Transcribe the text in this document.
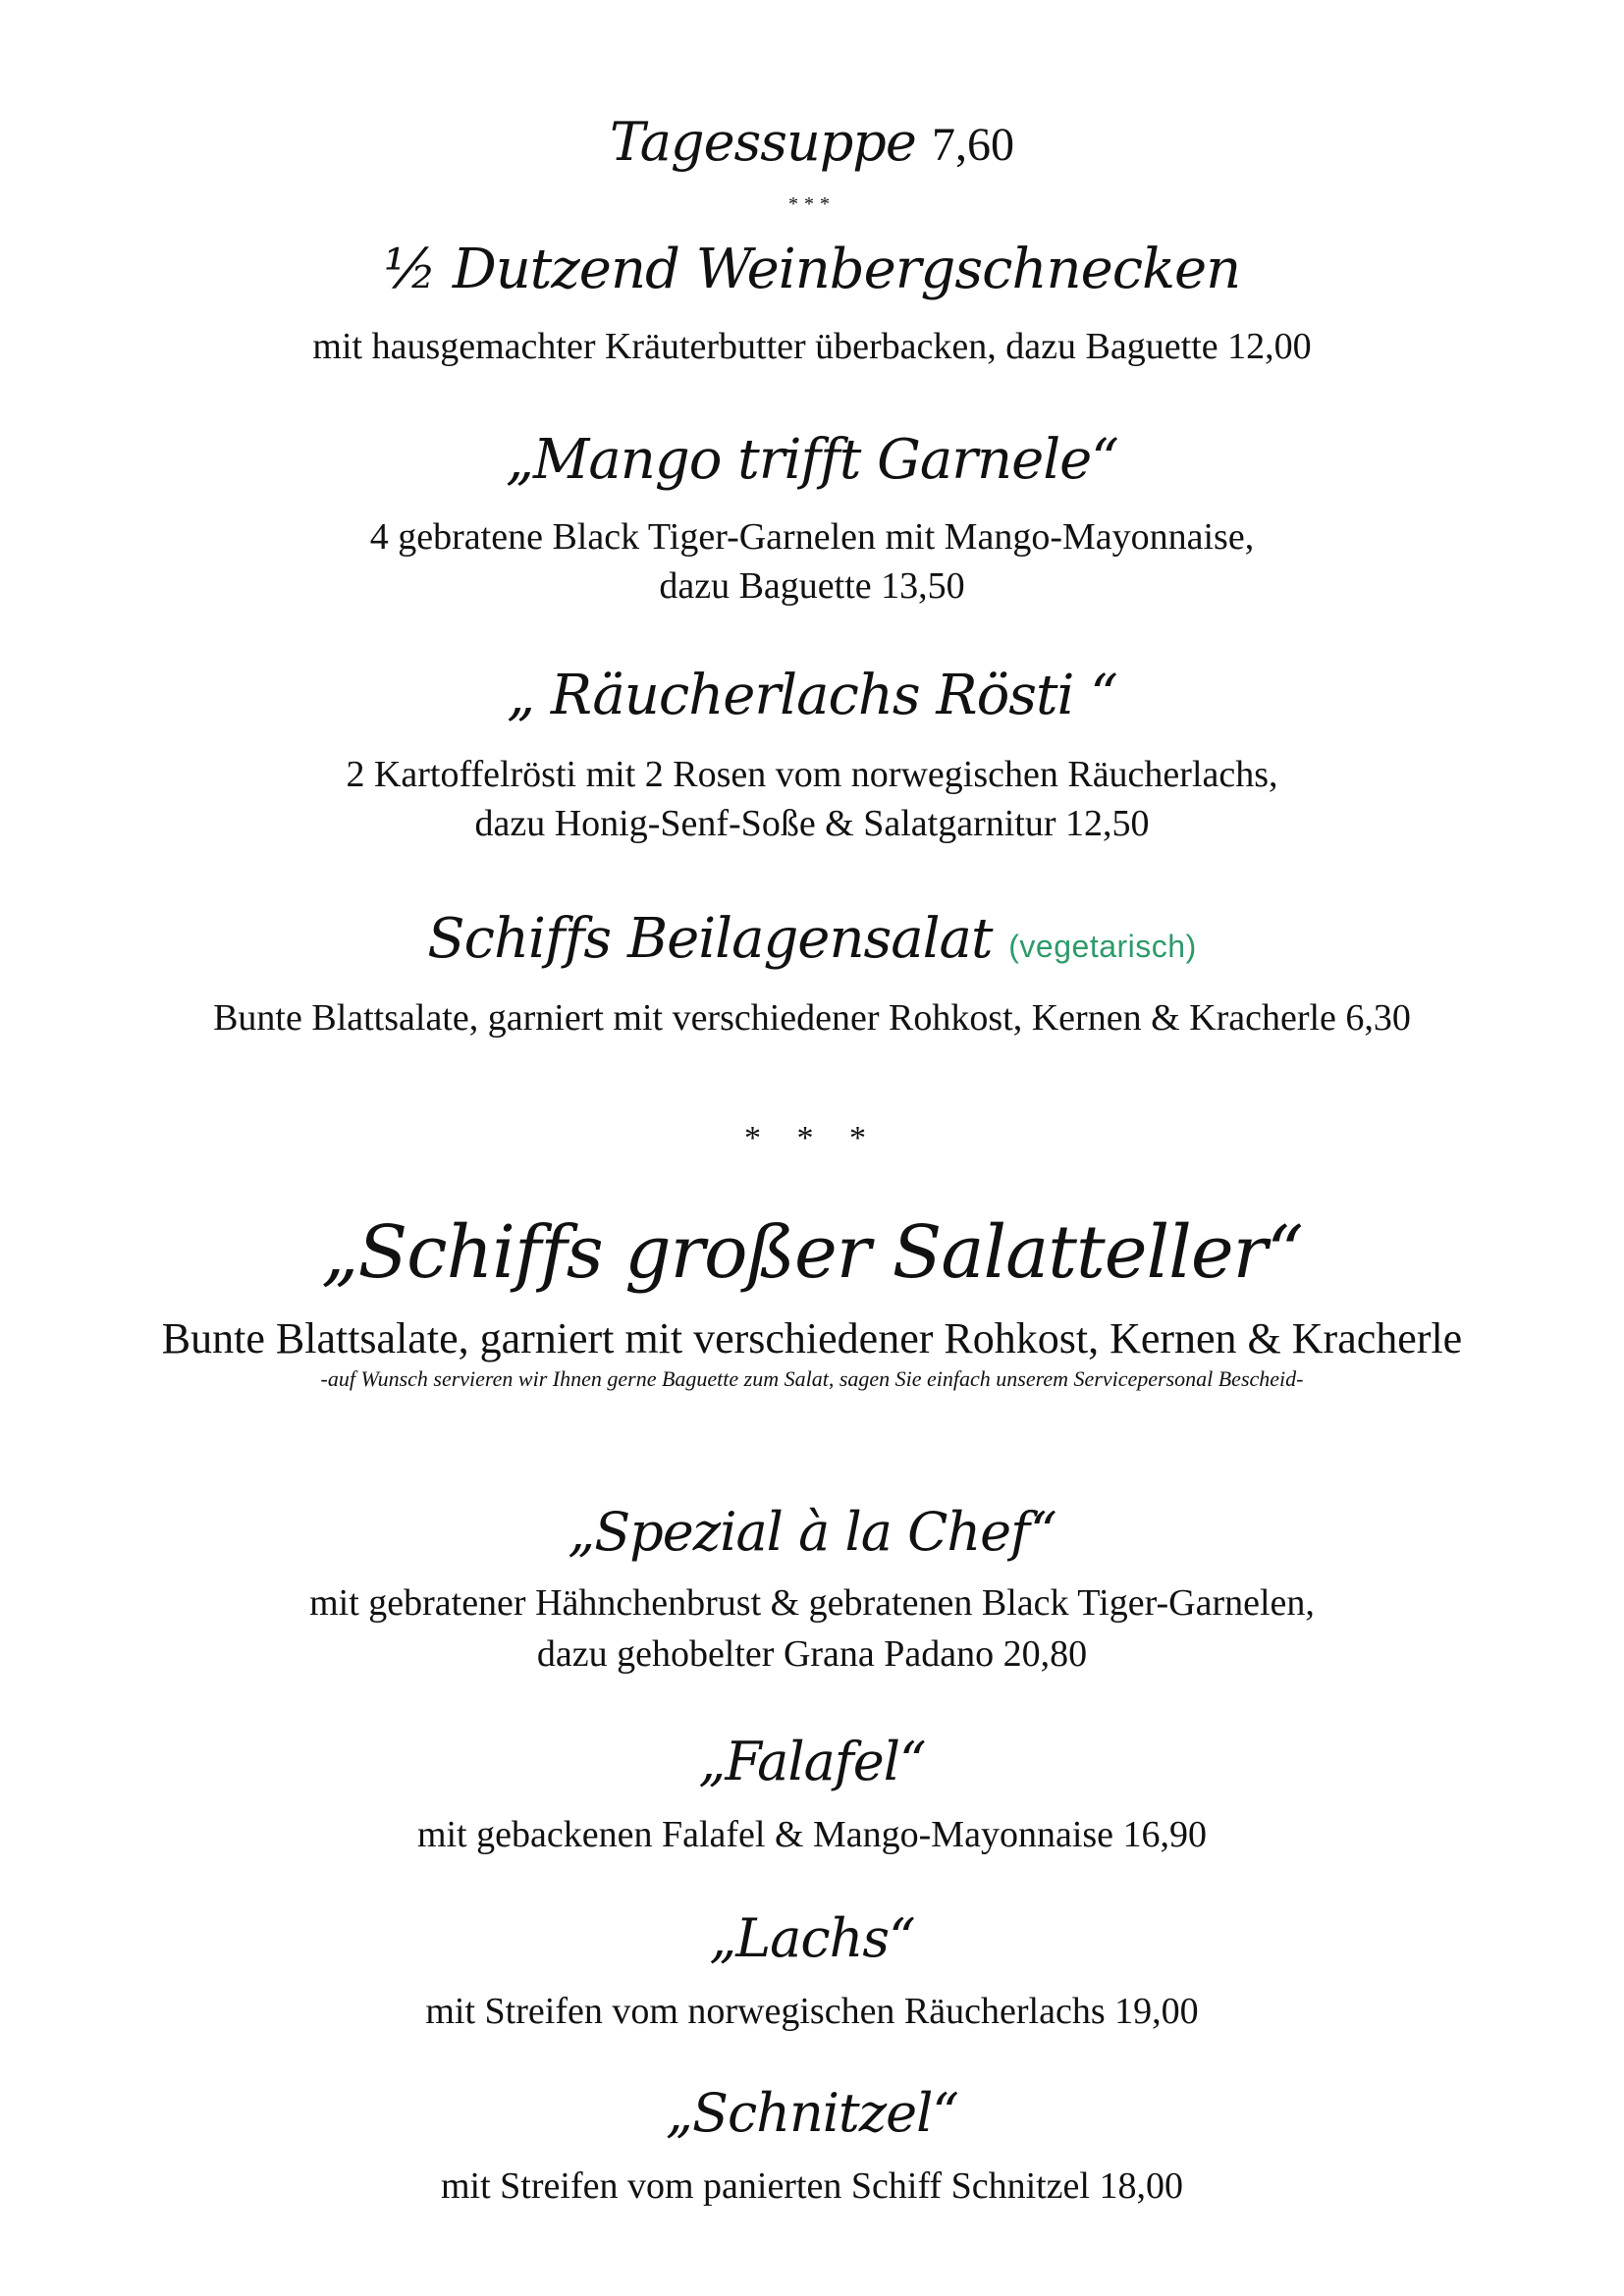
Tagessuppe 7,60
***
½ Dutzend Weinbergschnecken
mit hausgemachter Kräuterbutter überbacken, dazu Baguette 12,00
„Mango trifft Garnele“
4 gebratene Black Tiger-Garnelen mit Mango-Mayonnaise,
dazu Baguette 13,50
„ Räucherlachs Rösti “
2 Kartoffelrösti mit 2 Rosen vom norwegischen Räucherlachs,
dazu Honig-Senf-Soße & Salatgarnitur 12,50
Schiffs Beilagensalat (vegetarisch)
Bunte Blattsalate, garniert mit verschiedener Rohkost, Kernen & Kracherle 6,30
* * *
„Schiffs großer Salatteller“
Bunte Blattsalate, garniert mit verschiedener Rohkost, Kernen & Kracherle
-auf Wunsch servieren wir Ihnen gerne Baguette zum Salat, sagen Sie einfach unserem Servicepersonal Bescheid-
„Spezial à la Chef“
mit gebratener Hähnchenbrust & gebratenen Black Tiger-Garnelen,
dazu gehobelter Grana Padano 20,80
„Falafel“
mit gebackenen Falafel & Mango-Mayonnaise 16,90
„Lachs“
mit Streifen vom norwegischen Räucherlachs 19,00
„Schnitzel“
mit Streifen vom panierten Schiff Schnitzel 18,00
